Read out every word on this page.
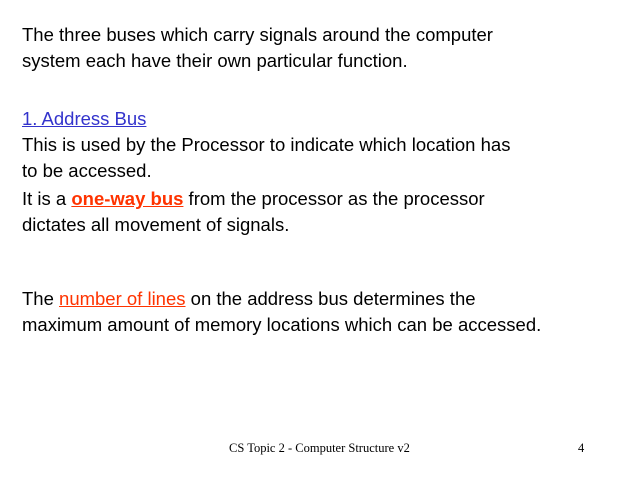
The three buses which carry signals around the computer
system each have their own particular function.
1. Address Bus
This is used by the Processor to indicate which location has
to be accessed.
It is a one-way bus from the processor as the processor
dictates all movement of signals.
The number of lines on the address bus determines the
maximum amount of memory locations which can be accessed.
CS Topic 2 - Computer Structure v2	4
